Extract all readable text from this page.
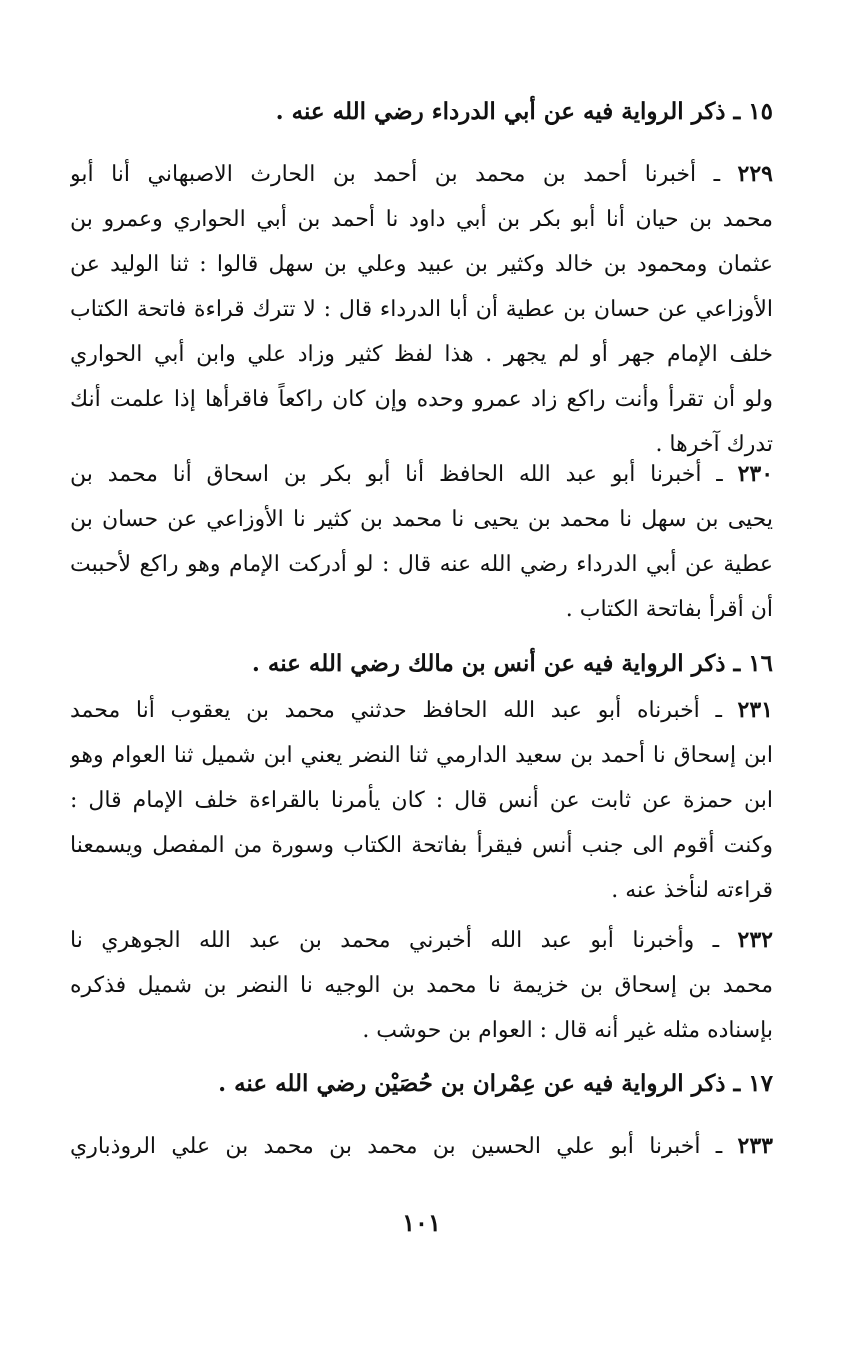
١٥ ـ ذكر الرواية فيه عن أبي الدرداء رضي الله عنه .
٢٢٩ ـ أخبرنا أحمد بن محمد بن أحمد بن الحارث الاصبهاني أنا أبو
محمد بن حيان أنا أبو بكر بن أبي داود نا أحمد بن أبي الحواري وعمرو بن
عثمان ومحمود بن خالد وكثير بن عبيد وعلي بن سهل قالوا : ثنا الوليد عن
الأوزاعي عن حسان بن عطية أن أبا الدرداء قال : لا تترك قراءة فاتحة الكتاب
خلف الإمام جهر أو لم يجهر . هذا لفظ كثير وزاد علي وابن أبي الحواري
ولو أن تقرأ وأنت راكع زاد عمرو وحده وإن كان راكعاً فاقرأها إذا علمت أنك
تدرك آخرها .
٢٣٠ ـ أخبرنا أبو عبد الله الحافظ أنا أبو بكر بن اسحاق أنا محمد بن
يحيى بن سهل نا محمد بن يحيى نا محمد بن كثير نا الأوزاعي عن حسان بن
عطية عن أبي الدرداء رضي الله عنه قال : لو أدركت الإمام وهو راكع لأحببت
أن أقرأ بفاتحة الكتاب .
١٦ ـ ذكر الرواية فيه عن أنس بن مالك رضي الله عنه .
٢٣١ ـ أخبرناه أبو عبد الله الحافظ حدثني محمد بن يعقوب أنا محمد
ابن إسحاق نا أحمد بن سعيد الدارمي ثنا النضر يعني ابن شميل ثنا العوام وهو
ابن حمزة عن ثابت عن أنس قال : كان يأمرنا بالقراءة خلف الإمام قال :
وكنت أقوم الى جنب أنس فيقرأ بفاتحة الكتاب وسورة من المفصل ويسمعنا
قراءته لنأخذ عنه .
٢٣٢ ـ وأخبرنا أبو عبد الله أخبرني محمد بن عبد الله الجوهري نا
محمد بن إسحاق بن خزيمة نا محمد بن الوجيه نا النضر بن شميل فذكره
بإسناده مثله غير أنه قال : العوام بن حوشب .
١٧ ـ ذكر الرواية فيه عن عِمْران بن حُصَيْن رضي الله عنه .
٢٣٣ ـ أخبرنا أبو علي الحسين بن محمد بن محمد بن علي الروذباري
١٠١
